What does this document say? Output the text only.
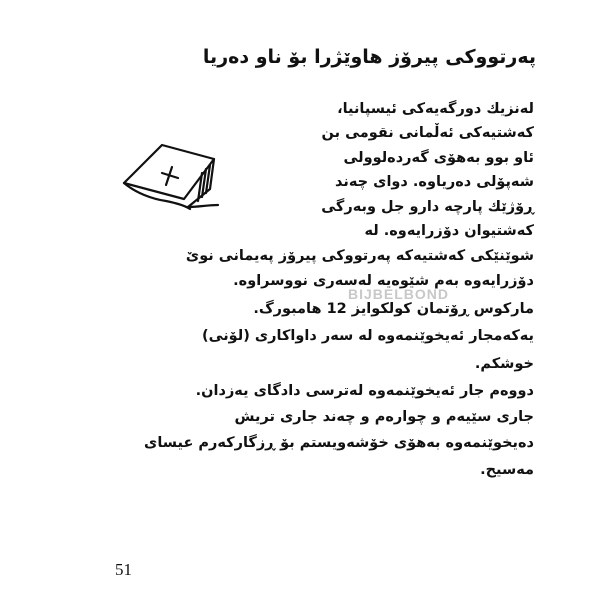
پەرتووكی پیرۆز هاوێژرا بۆ ناو دەریا
لەنزیك دورگەیەكی ئیسپانیا،
كەشتیەكی ئەڵمانی نقومی بن
ئاو بوو بەهۆی گەردەلوولی
شەپۆلی دەریاوە. دوای چەند
ڕۆژێك پارچە دارو جل وبەرگی
كەشتیوان دۆزرایەوە. لە
شوێنێكی كەشتیەكە پەرتووكی پیرۆز پەیمانی نوێ
دۆزرایەوە بەم شێوەیە لەسەری نووسراوە.
ماركوس ڕۆتمان كولكوایز 12 هامبورگ.
یەكەمجار ئەیخوێنمەوە لە سەر داواكاری (لۆنی)
خوشكم.
دووەم جار ئەیخوێنمەوە لەترسی دادگای یەزدان.
جاری سێیەم و چوارەم و چەند جاری تریش
دەیخوێنمەوە بەهۆی خۆشەویستم بۆ ڕزگاركەرم عیسای
مەسیح.
BIJBELBOND
51
